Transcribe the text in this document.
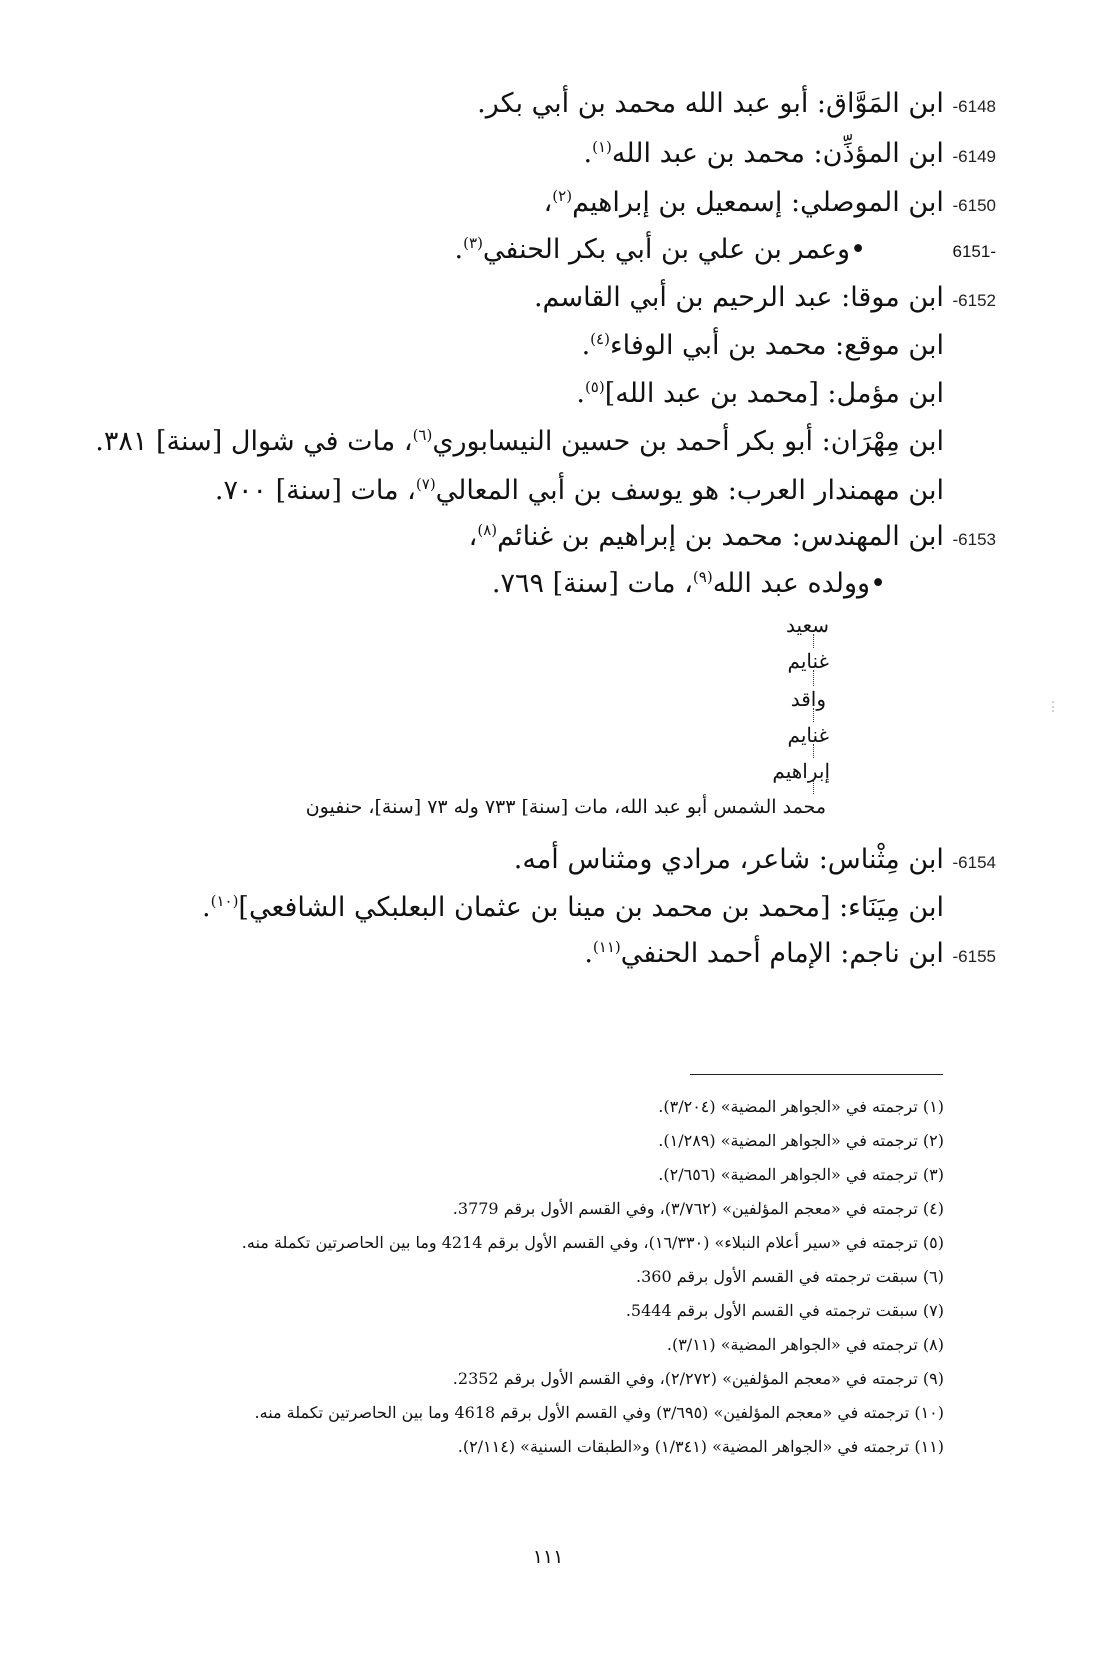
6148- ابن المَوَّاق: أبو عبد الله محمد بن أبي بكر.
6149- ابن المؤذِّن: محمد بن عبد الله$^{(١)}$.
6150- ابن الموصلي: إسمعيل بن إبراهيم$^{(٢)}$،
6151-
•وعمر بن علي بن أبي بكر الحنفي$^{(٣)}$.
6152- ابن موقا: عبد الرحيم بن أبي القاسم.
ابن موقع: محمد بن أبي الوفاء$^{(٤)}$.
ابن مؤمل: [محمد بن عبد الله]$^{(٥)}$.
ابن مِهْرَان: أبو بكر أحمد بن حسين النيسابوري$^{(٦)}$، مات في شوال [سنة] ٣٨١.
ابن مهمندار العرب: هو يوسف بن أبي المعالي$^{(٧)}$، مات [سنة] ٧٠٠.
6153- ابن المهندس: محمد بن إبراهيم بن غنائم$^{(٨)}$،
•وولده عبد الله$^{(٩)}$، مات [سنة] ٧٦٩.
سعيد
غنايم
واقد
غنايم
إبراهيم
محمد الشمس أبو عبد الله، مات [سنة] ٧٣٣ وله ٧٣ [سنة]، حنفيون
6154- ابن مِثْناس: شاعر، مرادي ومثناس أمه.
ابن مِيَنَاء: [محمد بن محمد بن مينا بن عثمان البعلبكي الشافعي]$^{(١٠)}$.
6155- ابن ناجم: الإمام أحمد الحنفي$^{(١١)}$.
(١) ترجمته في «الجواهر المضية» (٣/٢٠٤).
(٢) ترجمته في «الجواهر المضية» (١/٢٨٩).
(٣) ترجمته في «الجواهر المضية» (٢/٦٥٦).
(٤) ترجمته في «معجم المؤلفين» (٣/٧٦٢)، وفي القسم الأول برقم 3779.
(٥) ترجمته في «سير أعلام النبلاء» (١٦/٣٣٠)، وفي القسم الأول برقم 4214 وما بين الحاصرتين تكملة منه.
(٦) سبقت ترجمته في القسم الأول برقم 360.
(٧) سبقت ترجمته في القسم الأول برقم 5444.
(٨) ترجمته في «الجواهر المضية» (٣/١١).
(٩) ترجمته في «معجم المؤلفين» (٢/٢٧٢)، وفي القسم الأول برقم 2352.
(١٠) ترجمته في «معجم المؤلفين» (٣/٦٩٥) وفي القسم الأول برقم 4618 وما بين الحاصرتين تكملة منه.
(١١) ترجمته في «الجواهر المضية» (١/٣٤١) و«الطبقات السنية» (٢/١١٤).
١١١
